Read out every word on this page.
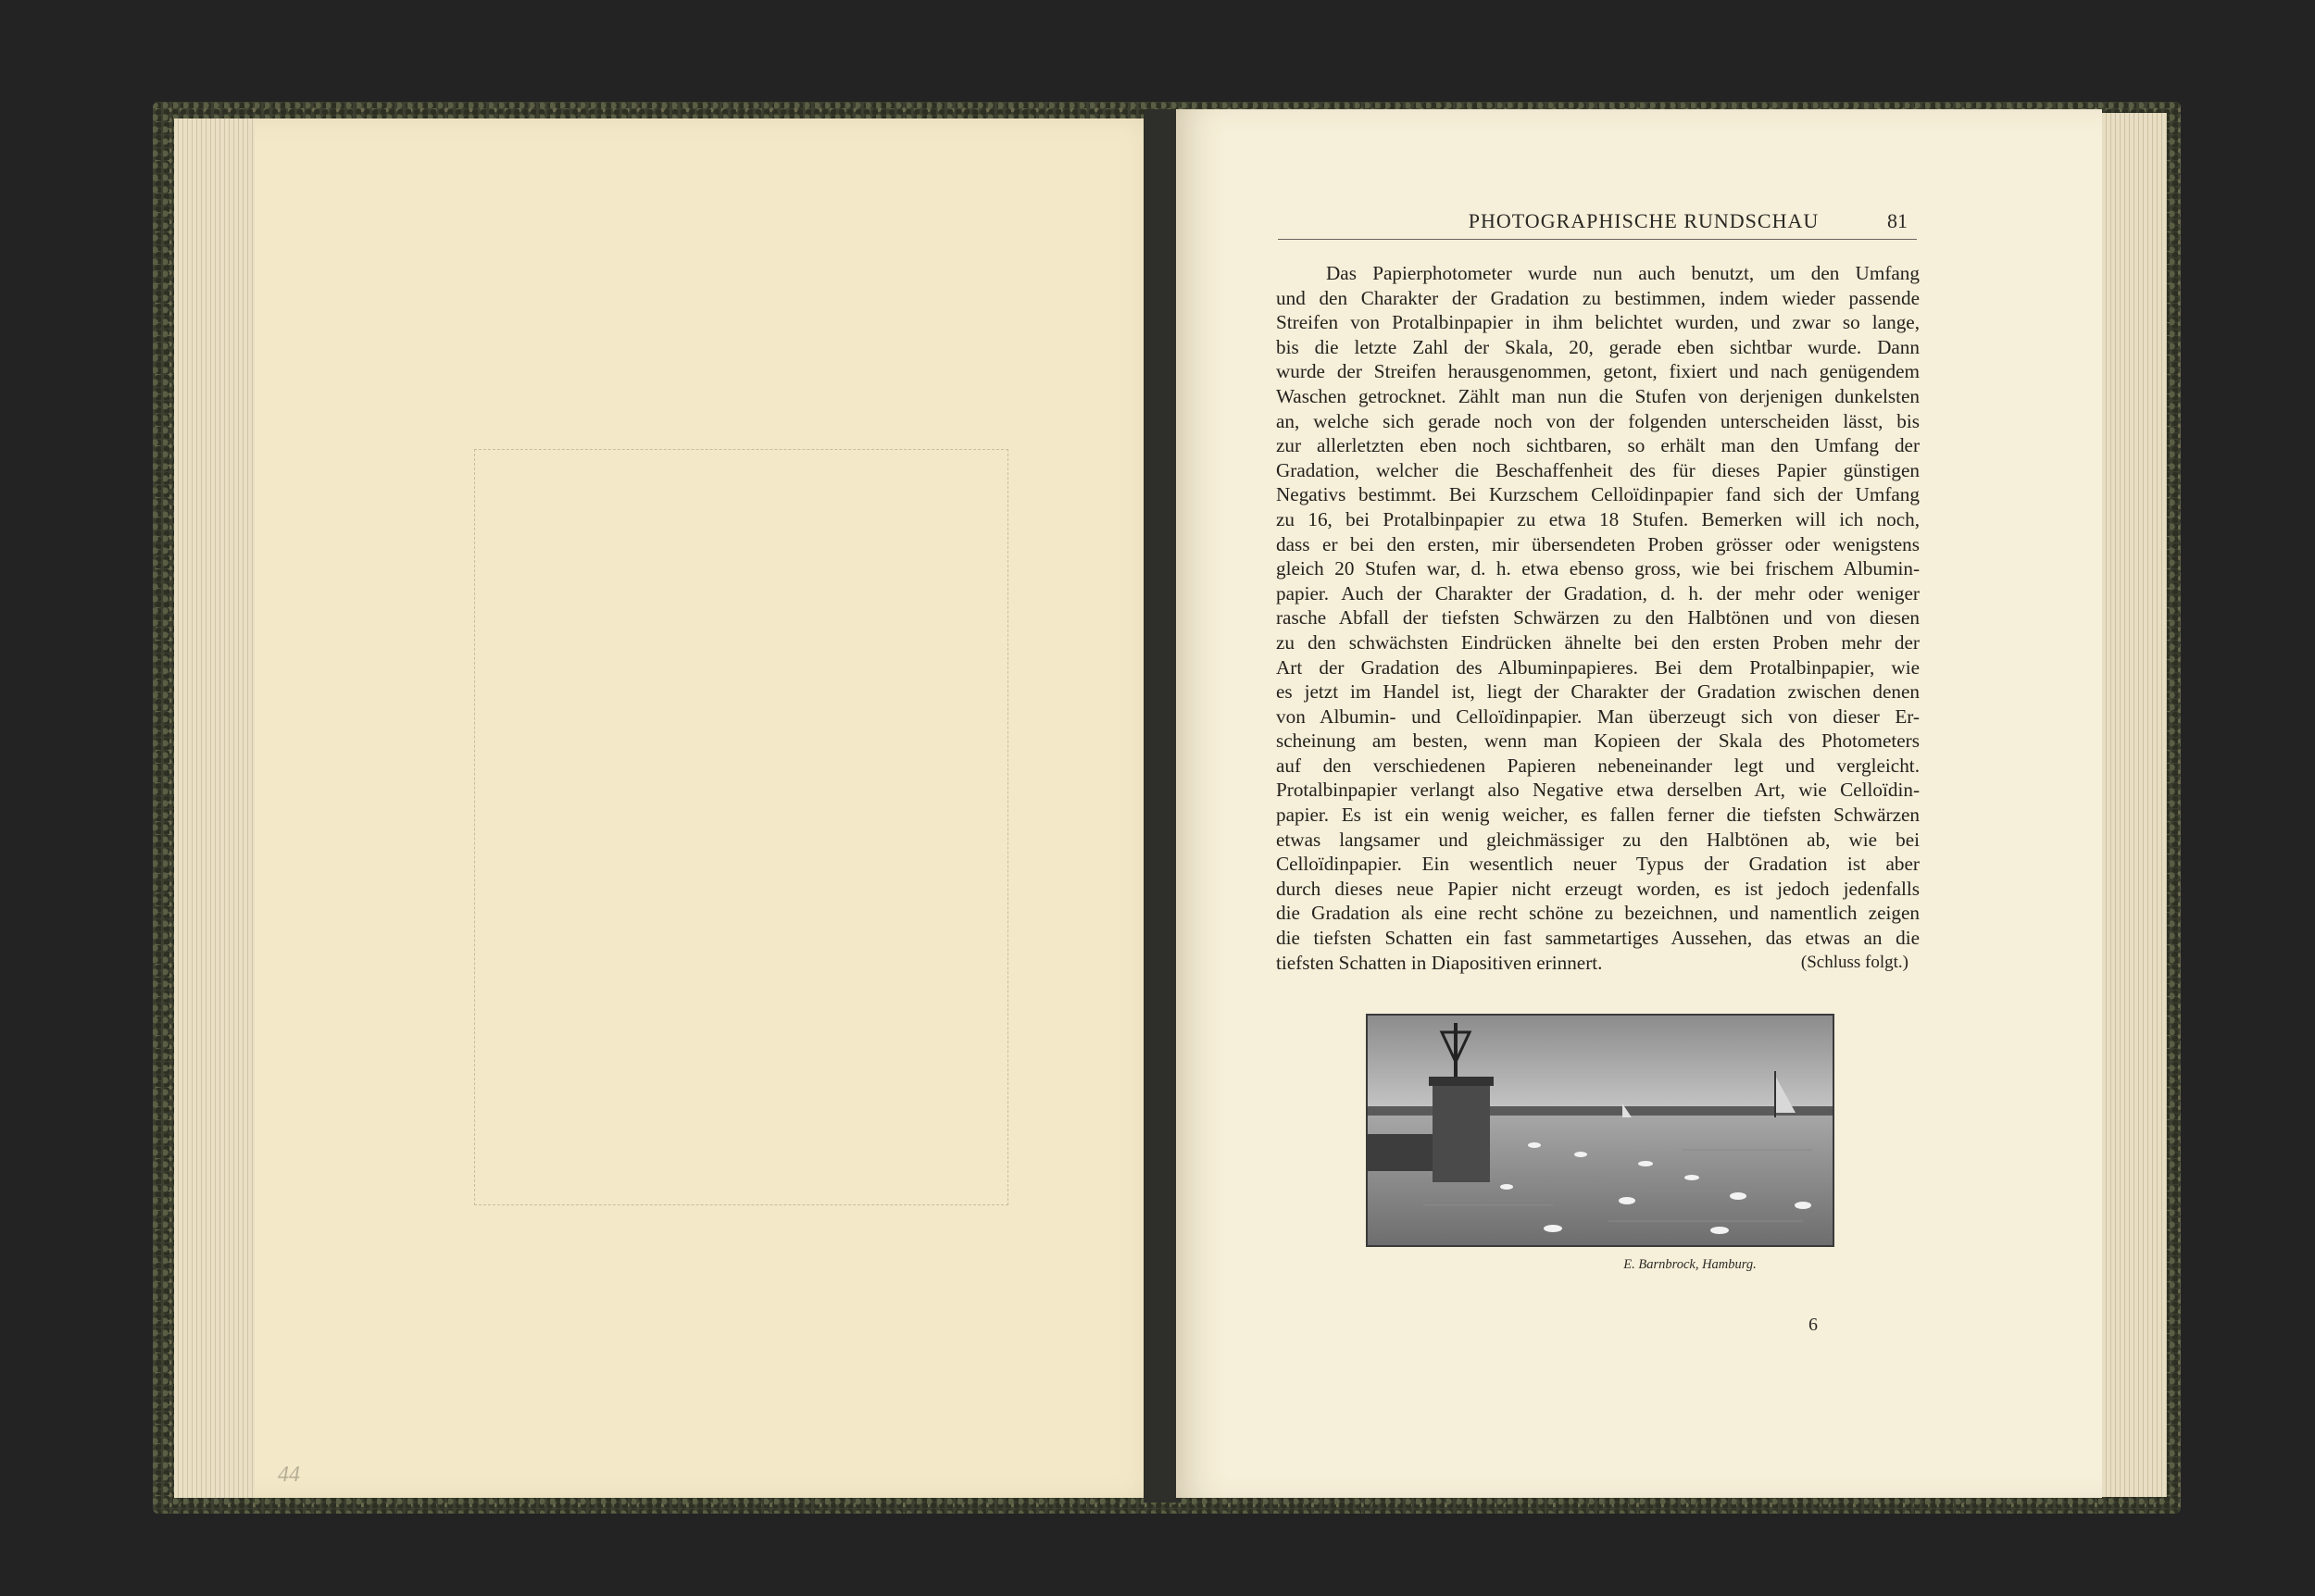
44
PHOTOGRAPHISCHE RUNDSCHAU	81
Das Papierphotometer wurde nun auch benutzt, um den Umfang
und den Charakter der Gradation zu bestimmen, indem wieder passende
Streifen von Protalbinpapier in ihm belichtet wurden, und zwar so lange,
bis die letzte Zahl der Skala, 20, gerade eben sichtbar wurde. Dann
wurde der Streifen herausgenommen, getont, fixiert und nach genügendem
Waschen getrocknet. Zählt man nun die Stufen von derjenigen dunkelsten
an, welche sich gerade noch von der folgenden unterscheiden lässt, bis
zur allerletzten eben noch sichtbaren, so erhält man den Umfang der
Gradation, welcher die Beschaffenheit des für dieses Papier günstigen
Negativs bestimmt. Bei Kurzschem Celloïdinpapier fand sich der Umfang
zu 16, bei Protalbinpapier zu etwa 18 Stufen. Bemerken will ich noch,
dass er bei den ersten, mir übersendeten Proben grösser oder wenigstens
gleich 20 Stufen war, d. h. etwa ebenso gross, wie bei frischem Albumin-
papier. Auch der Charakter der Gradation, d. h. der mehr oder weniger
rasche Abfall der tiefsten Schwärzen zu den Halbtönen und von diesen
zu den schwächsten Eindrücken ähnelte bei den ersten Proben mehr der
Art der Gradation des Albuminpapieres. Bei dem Protalbinpapier, wie
es jetzt im Handel ist, liegt der Charakter der Gradation zwischen denen
von Albumin- und Celloïdinpapier. Man überzeugt sich von dieser Er-
scheinung am besten, wenn man Kopieen der Skala des Photometers
auf den verschiedenen Papieren nebeneinander legt und vergleicht.
Protalbinpapier verlangt also Negative etwa derselben Art, wie Celloïdin-
papier. Es ist ein wenig weicher, es fallen ferner die tiefsten Schwärzen
etwas langsamer und gleichmässiger zu den Halbtönen ab, wie bei
Celloïdinpapier. Ein wesentlich neuer Typus der Gradation ist aber
durch dieses neue Papier nicht erzeugt worden, es ist jedoch jedenfalls
die Gradation als eine recht schöne zu bezeichnen, und namentlich zeigen
die tiefsten Schatten ein fast sammetartiges Aussehen, das etwas an die
tiefsten Schatten in Diapositiven erinnert.	(Schluss folgt.)
E. Barnbrock, Hamburg.
6
